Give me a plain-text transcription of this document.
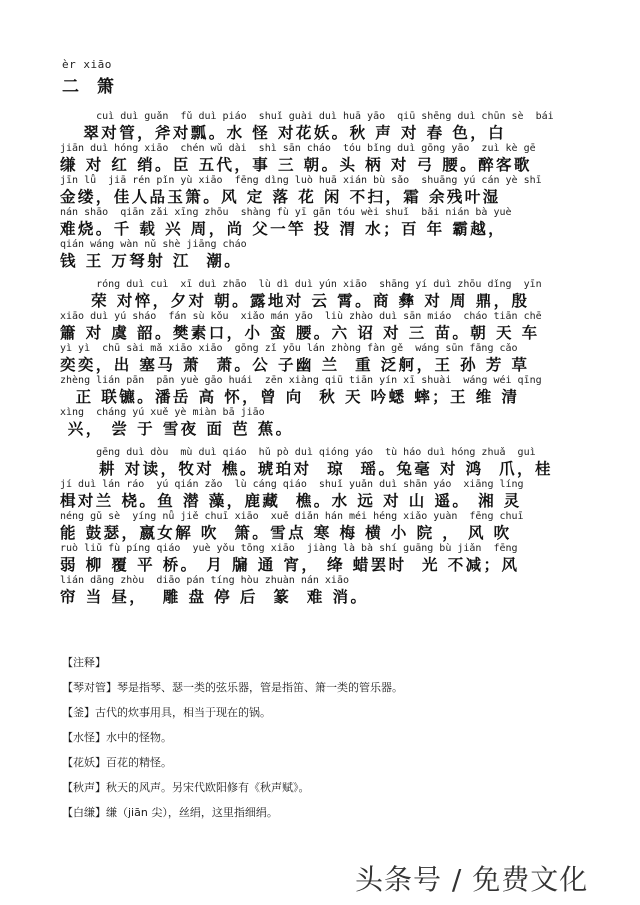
èr xiāo
二 箫
cuì duì guǎn  fǔ duì piáo  shuǐ guài duì huā yāo  qiū shēng duì chūn sè  bái
翠对管，斧对瓢。水 怪 对花妖。秋 声 对 春 色，白
jiān duì hóng xiāo  chén wǔ dài  shì sān cháo  tóu bǐng duì gōng yāo  zuì kè gē
缣 对 红 绡。臣 五代，事 三 朝。头 柄 对 弓 腰。醉客歌
jīn lǚ  jiā rén pǐn yù xiāo  fēng dìng luò huā xián bù sǎo  shuāng yú cán yè shī
金缕，佳人品玉箫。风 定 落 花 闲 不扫，霜 余残叶湿
nán shāo  qiān zǎi xīng zhōu  shàng fù yī gān tóu wèi shuǐ  bǎi nián bà yuè
难烧。千 载 兴 周，尚 父一竿 投 渭 水；百 年 霸越，
qián wáng wàn nǔ shè jiāng cháo
钱 王 万弩射 江  潮。
róng duì cuì  xī duì zhāo  lù dì duì yún xiāo  shāng yí duì zhōu dǐng  yīn
荣 对悴，夕对 朝。露地对 云 霄。商 彝 对 周 鼎，殷
xiāo duì yú sháo  fán sù kǒu  xiǎo mán yāo  liù zhào duì sān miáo  cháo tiān chē
簫 对 虞 韶。樊素口，小 蛮 腰。六 诏 对 三 苗。朝 天 车
yì yì  chū sài mǎ xiāo xiāo  gōng zǐ yōu lán zhòng fàn gě  wáng sūn fāng cǎo
奕奕，出 塞马 萧  萧。公 子幽 兰  重 泛舸，王 孙 芳 草
zhèng lián pān  pān yuè gāo huái  zēn xiàng qiū tiān yín xī shuài  wáng wéi qīng
正 联镳。潘岳 高 怀，曾 向  秋 天 吟蟋 蟀；王 维 清
xìng  cháng yú xuě yè miàn bā jiāo
兴， 尝 于 雪夜 面 芭 蕉。
gēng duì dòu  mù duì qiáo  hǔ pò duì qióng yáo  tù háo duì hóng zhuǎ  guì
耕 对读，牧对 樵。琥珀对  琼  瑶。兔毫 对 鸿  爪，桂
jí duì lán ráo  yú qián zǎo  lù cáng qiáo  shuǐ yuǎn duì shān yáo  xiāng líng
楫对兰 桡。鱼 潜 藻，鹿藏  樵。水 远 对 山 遥。 湘 灵
néng gǔ sè  yíng nǚ jiě chuī xiāo  xuě diǎn hán méi héng xiǎo yuàn  fēng chuī
能 鼓瑟，嬴女解 吹  箫。雪点 寒 梅 横 小 院 ， 风 吹
ruò liǔ fù píng qiáo  yuè yǒu tōng xiāo  jiàng là bà shí guāng bù jiǎn  fēng
弱 柳 覆 平 桥。 月 牖 通 宵， 绛 蜡罢时  光 不减；风
lián dāng zhòu  diāo pán tíng hòu zhuàn nán xiāo
帘 当 昼，  雕 盘 停 后  篆  难 消。
【注释】
【琴对管】琴是指琴、瑟一类的弦乐器，管是指笛、箫一类的管乐器。
【釜】古代的炊事用具，相当于现在的锅。
【水怪】水中的怪物。
【花妖】百花的精怪。
【秋声】秋天的风声。另宋代欧阳修有《秋声赋》。
【白缣】缣（jiān 尖），丝绢，这里指细绢。
头条号 / 免费文化
